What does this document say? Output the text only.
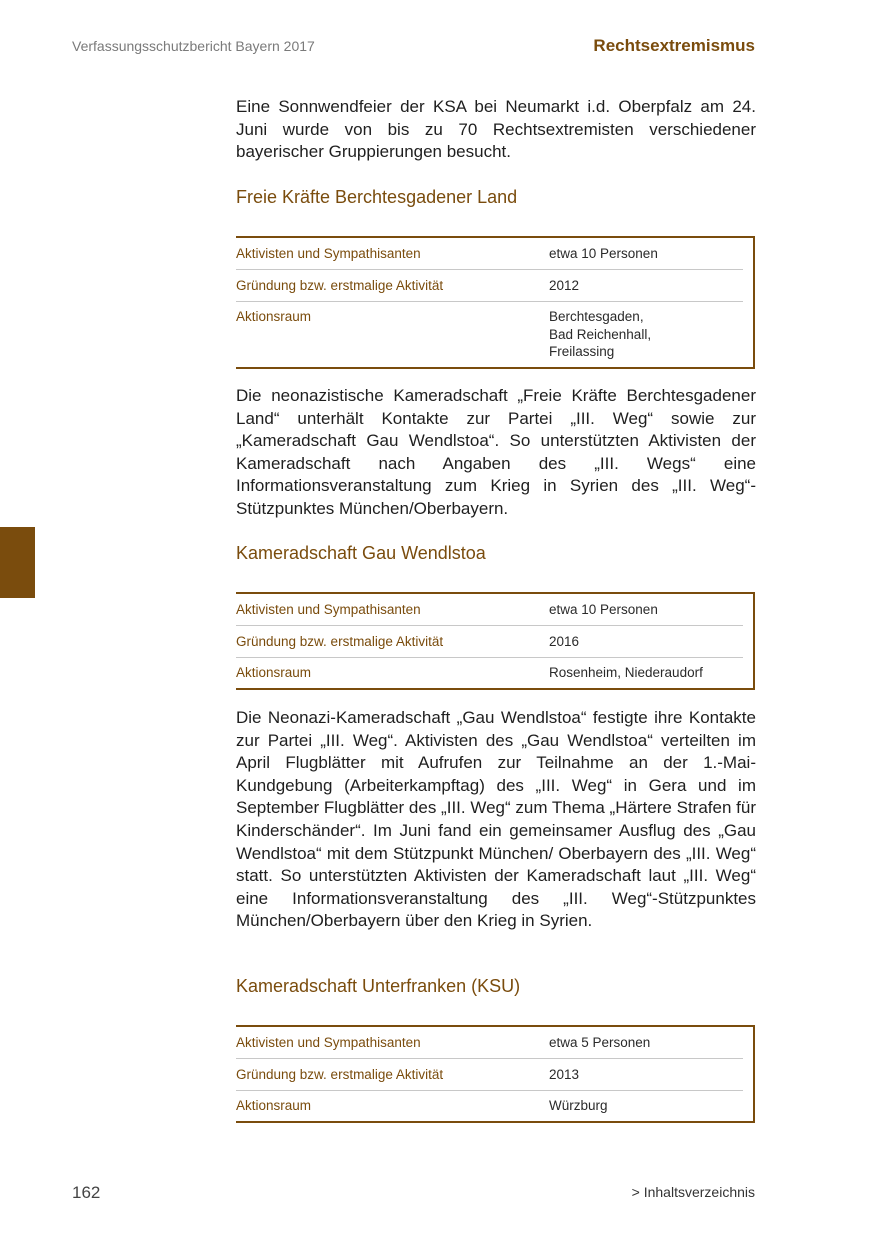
Verfassungsschutzbericht Bayern 2017	Rechtsextremismus

Eine Sonnwendfeier der KSA bei Neumarkt i.d. Oberpfalz am 24. Juni wurde von bis zu 70 Rechtsextremisten verschiedener bayerischer Gruppierungen besucht.

Freie Kräfte Berchtesgadener Land
Aktivisten und Sympathisanten	etwa 10 Personen
Gründung bzw. erstmalige Aktivität	2012
Aktionsraum	Berchtesgaden,
Bad Reichenhall,
Freilassing

Die neonazistische Kameradschaft „Freie Kräfte Berchtesgadener Land“ unterhält Kontakte zur Partei „III. Weg“ sowie zur „Kameradschaft Gau Wendlstoa“. So unterstützten Aktivisten der Kameradschaft nach Angaben des „III. Wegs“ eine Informationsveranstaltung zum Krieg in Syrien des „III. Weg“-Stützpunktes München/Oberbayern.

Kameradschaft Gau Wendlstoa
Aktivisten und Sympathisanten	etwa 10 Personen
Gründung bzw. erstmalige Aktivität	2016
Aktionsraum	Rosenheim, Niederaudorf

Die Neonazi-Kameradschaft „Gau Wendlstoa“ festigte ihre Kontakte zur Partei „III. Weg“. Aktivisten des „Gau Wendlstoa“ verteilten im April Flugblätter mit Aufrufen zur Teilnahme an der 1.-Mai-Kundgebung (Arbeiterkampftag) des „III. Weg“ in Gera und im September Flugblätter des „III. Weg“ zum Thema „Härtere Strafen für Kinderschänder“. Im Juni fand ein gemeinsamer Ausflug des „Gau Wendlstoa“ mit dem Stützpunkt München/ Oberbayern des „III. Weg“ statt. So unterstützten Aktivisten der Kameradschaft laut „III. Weg“ eine Informationsveranstaltung des „III. Weg“-Stützpunktes München/Oberbayern über den Krieg in Syrien.

Kameradschaft Unterfranken (KSU)
Aktivisten und Sympathisanten	etwa 5 Personen
Gründung bzw. erstmalige Aktivität	2013
Aktionsraum	Würzburg
162	> Inhaltsverzeichnis
